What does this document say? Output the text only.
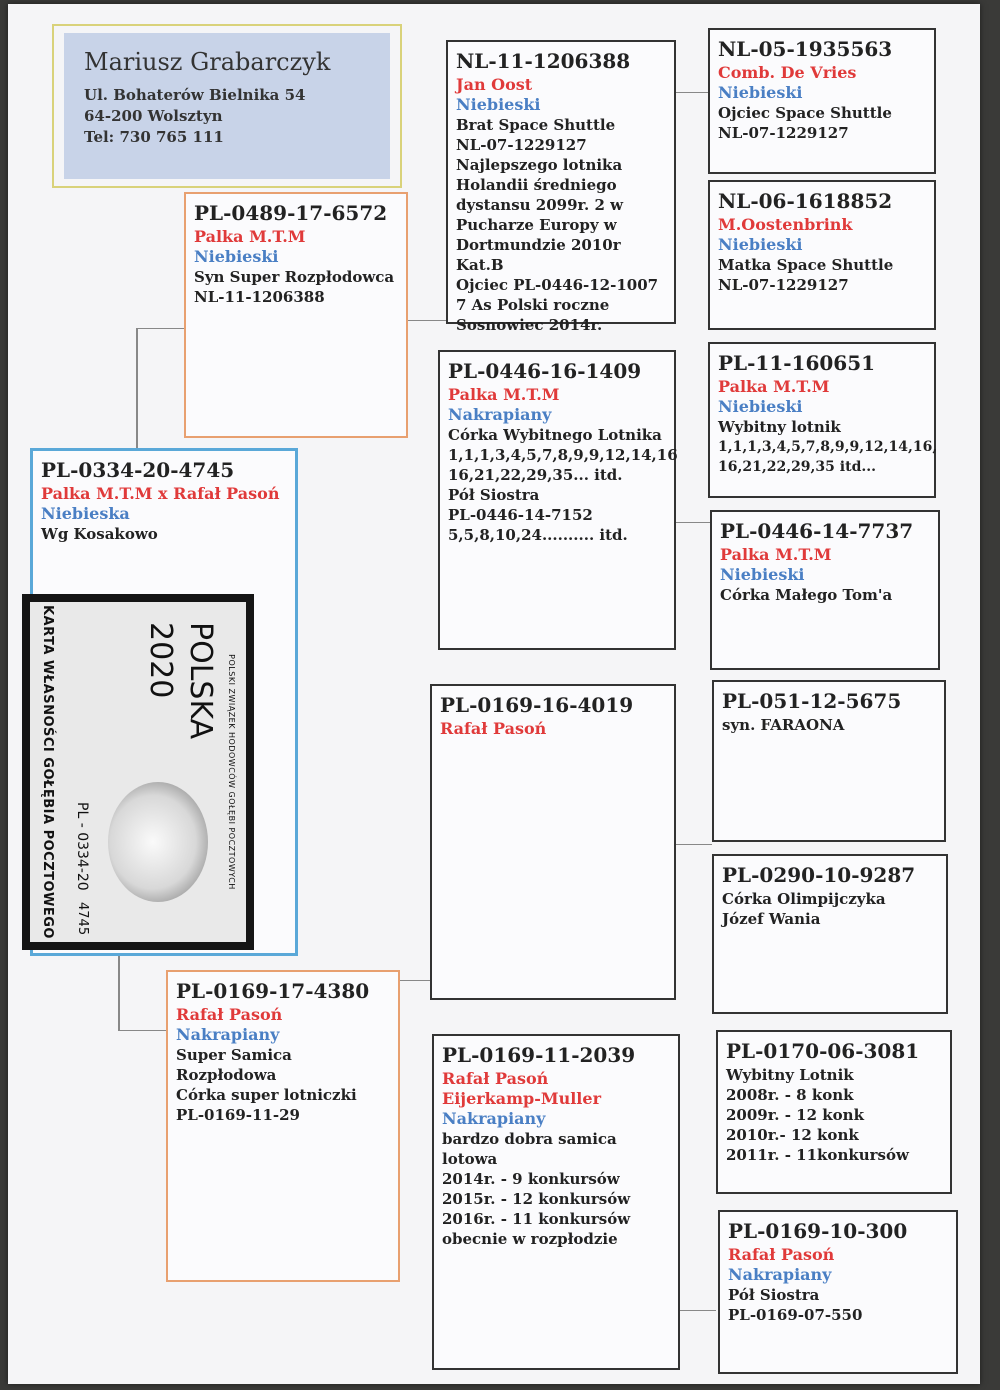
Mariusz Grabarczyk
Ul. Bohaterów Bielnika 54
64-200 Wolsztyn
Tel: 730 765 111
PL-0334-20-4745
Palka M.T.M x Rafał Pasoń
Niebieska
Wg Kosakowo
POLSKI ZWIĄZEK HODOWCÓW GOŁĘBI POCZTOWYCH
POLSKA
2020
PL - 0334-20
4745
KARTA WŁASNOŚCI GOŁĘBIA POCZTOWEGO
PL-0489-17-6572
Palka M.T.M
Niebieski
Syn Super Rozpłodowca
NL-11-1206388
PL-0169-17-4380
Rafał Pasoń
Nakrapiany
Super Samica Rozpłodowa
Córka super lotniczki
PL-0169-11-29
NL-11-1206388
Jan Oost
Niebieski
Brat Space Shuttle
NL-07-1229127
Najlepszego lotnika
Holandii średniego
dystansu 2099r. 2 w
Pucharze Europy w
Dortmundzie 2010r Kat.B
Ojciec PL-0446-12-1007
7 As Polski roczne
Sosnowiec 2014r.
PL-0446-16-1409
Palka M.T.M
Nakrapiany
Córka Wybitnego Lotnika
1,1,1,3,4,5,7,8,9,9,12,14,16
16,21,22,29,35... itd.
Pół Siostra
PL-0446-14-7152
5,5,8,10,24.......... itd.
PL-0169-16-4019
Rafał Pasoń
PL-0169-11-2039
Rafał Pasoń
Eijerkamp-Muller
Nakrapiany
bardzo dobra samica
lotowa
2014r. - 9 konkursów
2015r. - 12 konkursów
2016r. - 11 konkursów
obecnie w rozpłodzie
NL-05-1935563
Comb. De Vries
Niebieski
Ojciec Space Shuttle
NL-07-1229127
NL-06-1618852
M.Oostenbrink
Niebieski
Matka Space Shuttle
NL-07-1229127
PL-11-160651
Palka M.T.M
Niebieski
Wybitny lotnik
1,1,1,3,4,5,7,8,9,9,12,14,16,
16,21,22,29,35 itd...
PL-0446-14-7737
Palka M.T.M
Niebieski
Córka Małego Tom'a
PL-051-12-5675
syn. FARAONA
PL-0290-10-9287
Córka Olimpijczyka
Józef Wania
PL-0170-06-3081
Wybitny Lotnik
2008r. - 8 konk
2009r. - 12 konk
2010r.- 12 konk
2011r. - 11konkursów
PL-0169-10-300
Rafał Pasoń
Nakrapiany
Pół Siostra
PL-0169-07-550
